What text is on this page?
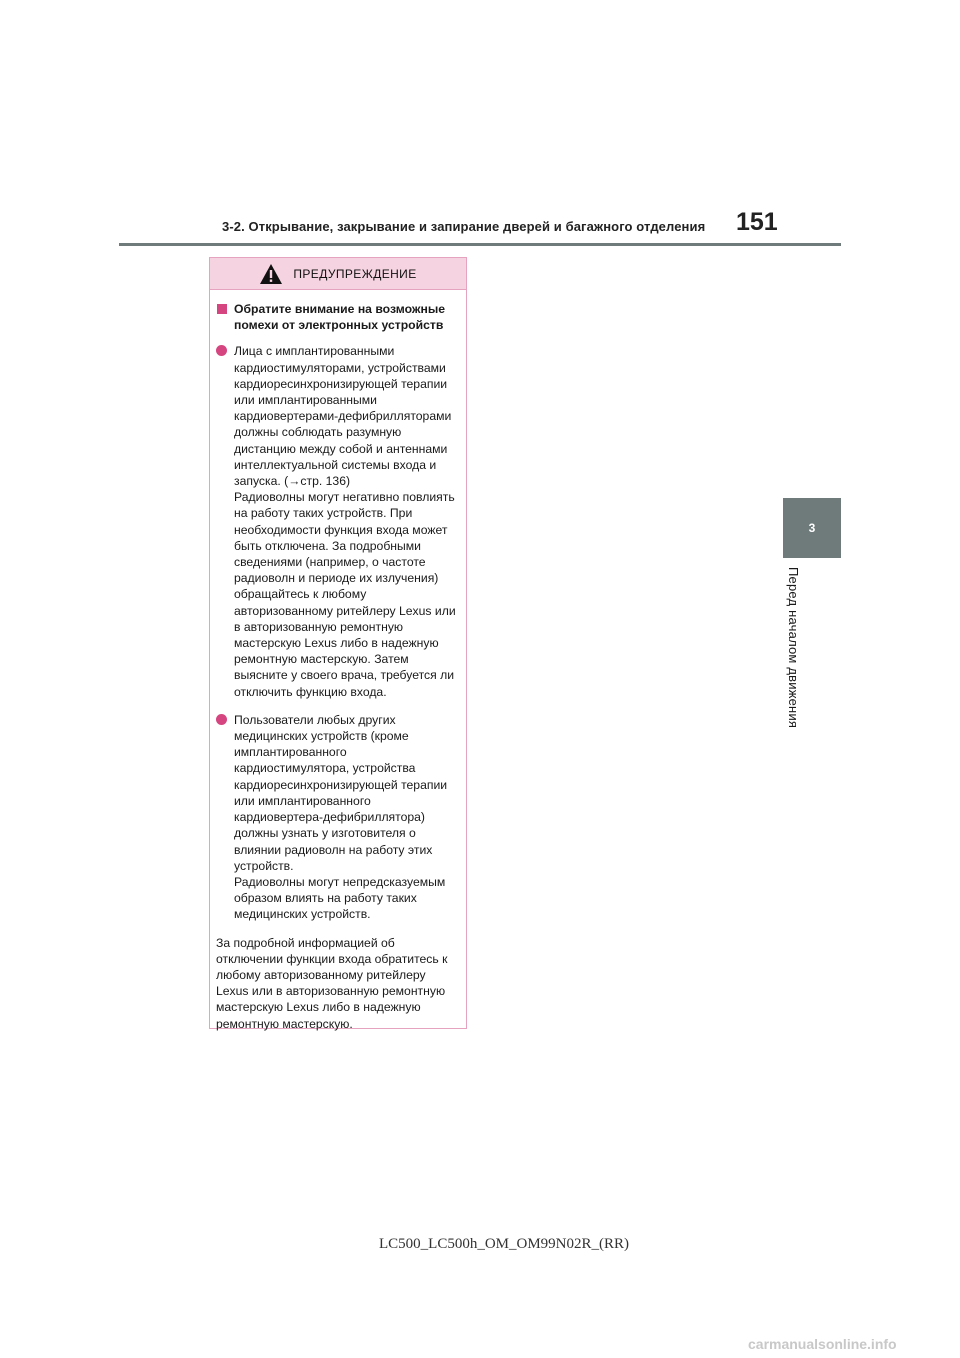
3-2. Открывание, закрывание и запирание дверей и багажного отделения 151
3
Перед началом движения
ПРЕДУПРЕЖДЕНИЕ
Обратите внимание на возможные помехи от электронных устройств

Лица с имплантированными кардиостимуляторами, устройствами кардиоресинхронизирующей терапии или имплантированными кардиовертерами-дефибрилляторами должны соблюдать разумную дистанцию между собой и антеннами интеллектуальной системы входа и запуска. (→стр. 136)

Радиоволны могут негативно повлиять на работу таких устройств. При необходимости функция входа может быть отключена. За подробными сведениями (например, о частоте радиоволн и периоде их излучения) обращайтесь к любому авторизованному ритейлеру Lexus или в авторизованную ремонтную мастерскую Lexus либо в надежную ремонтную мастерскую. Затем выясните у своего врача, требуется ли отключить функцию входа.

Пользователи любых других медицинских устройств (кроме имплантированного кардиостимулятора, устройства кардиоресинхронизирующей терапии или имплантированного кардиовертера-дефибриллятора) должны узнать у изготовителя о влиянии радиоволн на работу этих устройств.

Радиоволны могут непредсказуемым образом влиять на работу таких медицинских устройств.

За подробной информацией об отключении функции входа обратитесь к любому авторизованному ритейлеру Lexus или в авторизованную ремонтную мастерскую Lexus либо в надежную ремонтную мастерскую.

LC500_LC500h_OM_OM99N02R_(RR)
carmanualsonline.info
